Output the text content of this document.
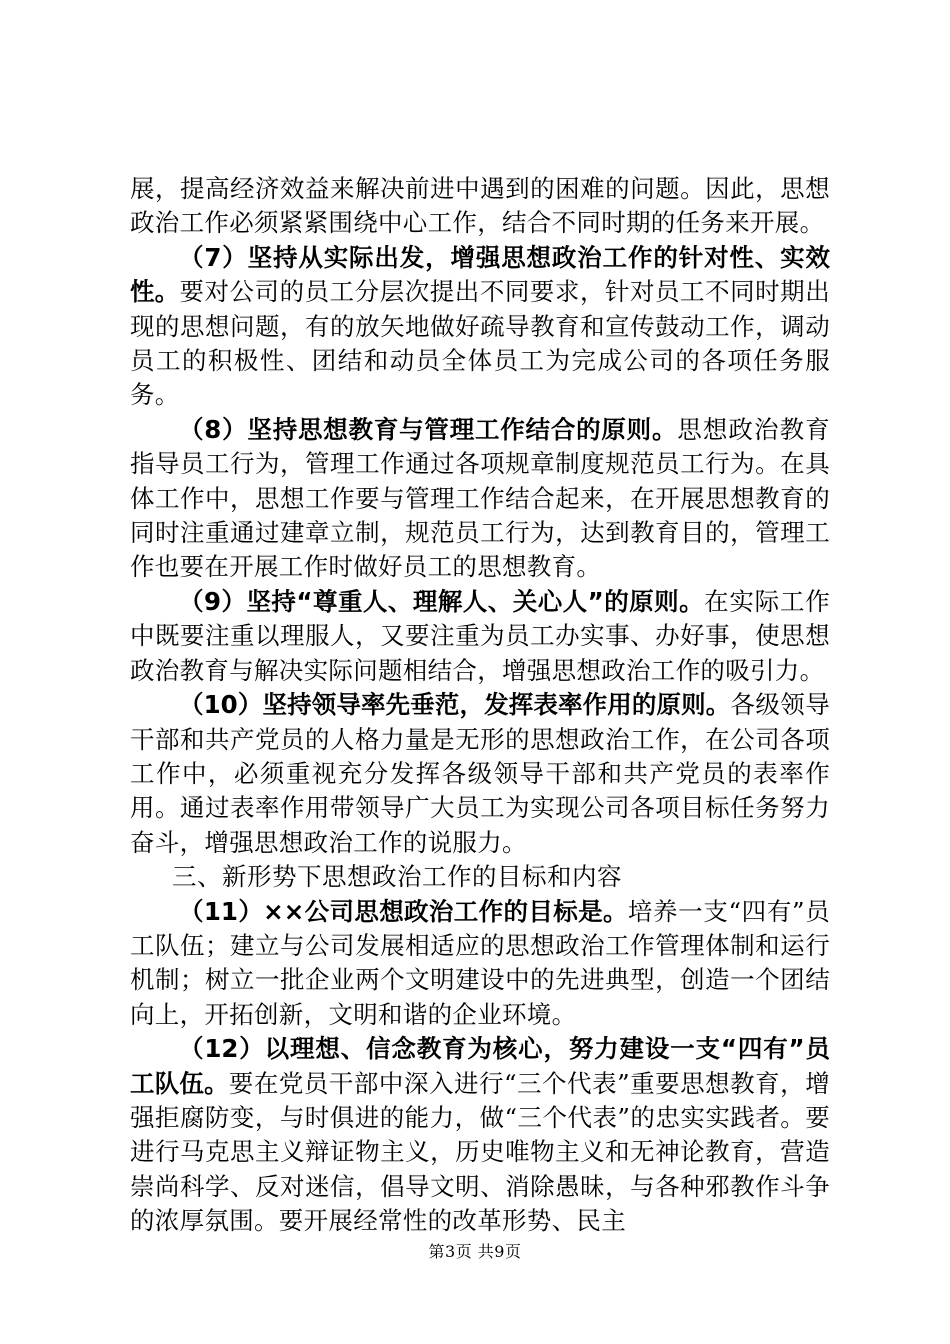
展，提高经济效益来解决前进中遇到的困难的问题。因此，思想政治工作必须紧紧围绕中心工作，结合不同时期的任务来开展。

（7）坚持从实际出发，增强思想政治工作的针对性、实效性。要对公司的员工分层次提出不同要求，针对员工不同时期出现的思想问题，有的放矢地做好疏导教育和宣传鼓动工作，调动员工的积极性、团结和动员全体员工为完成公司的各项任务服务。

（8）坚持思想教育与管理工作结合的原则。思想政治教育指导员工行为，管理工作通过各项规章制度规范员工行为。在具体工作中，思想工作要与管理工作结合起来，在开展思想教育的同时注重通过建章立制，规范员工行为，达到教育目的，管理工作也要在开展工作时做好员工的思想教育。

（9）坚持“尊重人、理解人、关心人”的原则。在实际工作中既要注重以理服人，又要注重为员工办实事、办好事，使思想政治教育与解决实际问题相结合，增强思想政治工作的吸引力。

（10）坚持领导率先垂范，发挥表率作用的原则。各级领导干部和共产党员的人格力量是无形的思想政治工作，在公司各项工作中，必须重视充分发挥各级领导干部和共产党员的表率作用。通过表率作用带领导广大员工为实现公司各项目标任务努力奋斗，增强思想政治工作的说服力。

三、新形势下思想政治工作的目标和内容

（11）××公司思想政治工作的目标是。培养一支“四有”员工队伍；建立与公司发展相适应的思想政治工作管理体制和运行机制；树立一批企业两个文明建设中的先进典型，创造一个团结向上，开拓创新，文明和谐的企业环境。

（12）以理想、信念教育为核心，努力建设一支“四有”员工队伍。要在党员干部中深入进行“三个代表”重要思想教育，增强拒腐防变，与时俱进的能力，做“三个代表”的忠实实践者。要进行马克思主义辩证物主义，历史唯物主义和无神论教育，营造崇尚科学、反对迷信，倡导文明、消除愚昧，与各种邪教作斗争的浓厚氛围。要开展经常性的改革形势、民主

第3页 共9页
